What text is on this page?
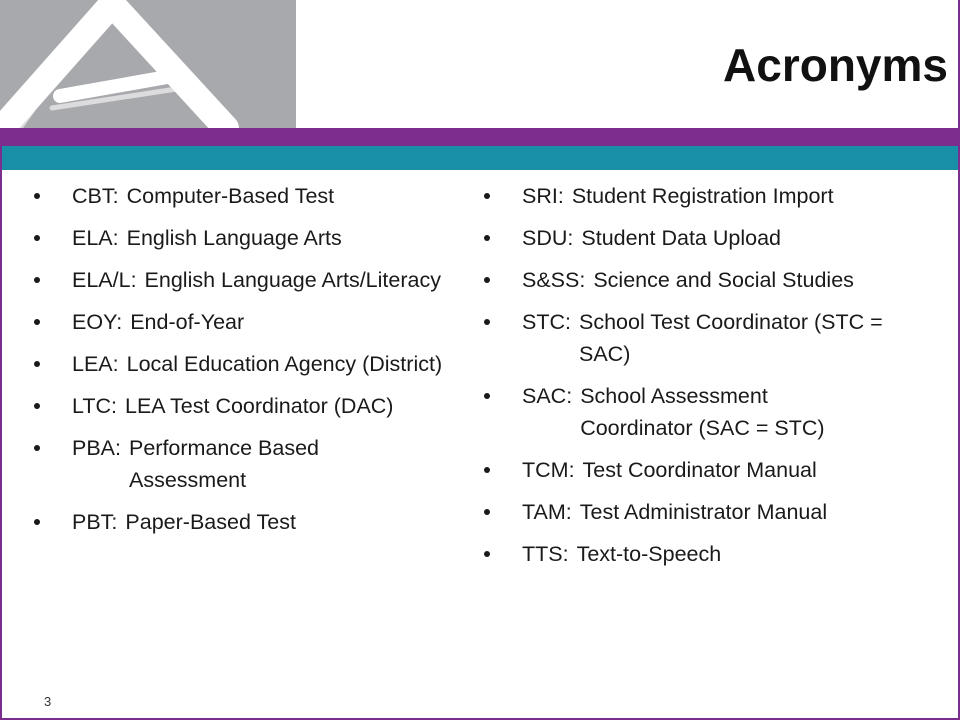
Acronyms
CBT: Computer-Based Test
ELA: English Language Arts
ELA/L: English Language Arts/Literacy
EOY: End-of-Year
LEA: Local Education Agency (District)
LTC: LEA Test Coordinator (DAC)
PBA: Performance Based Assessment
PBT: Paper-Based Test
SRI: Student Registration Import
SDU: Student Data Upload
S&SS: Science and Social Studies
STC: School Test Coordinator (STC = SAC)
SAC: School Assessment Coordinator (SAC = STC)
TCM: Test Coordinator Manual
TAM: Test Administrator Manual
TTS: Text-to-Speech
3
